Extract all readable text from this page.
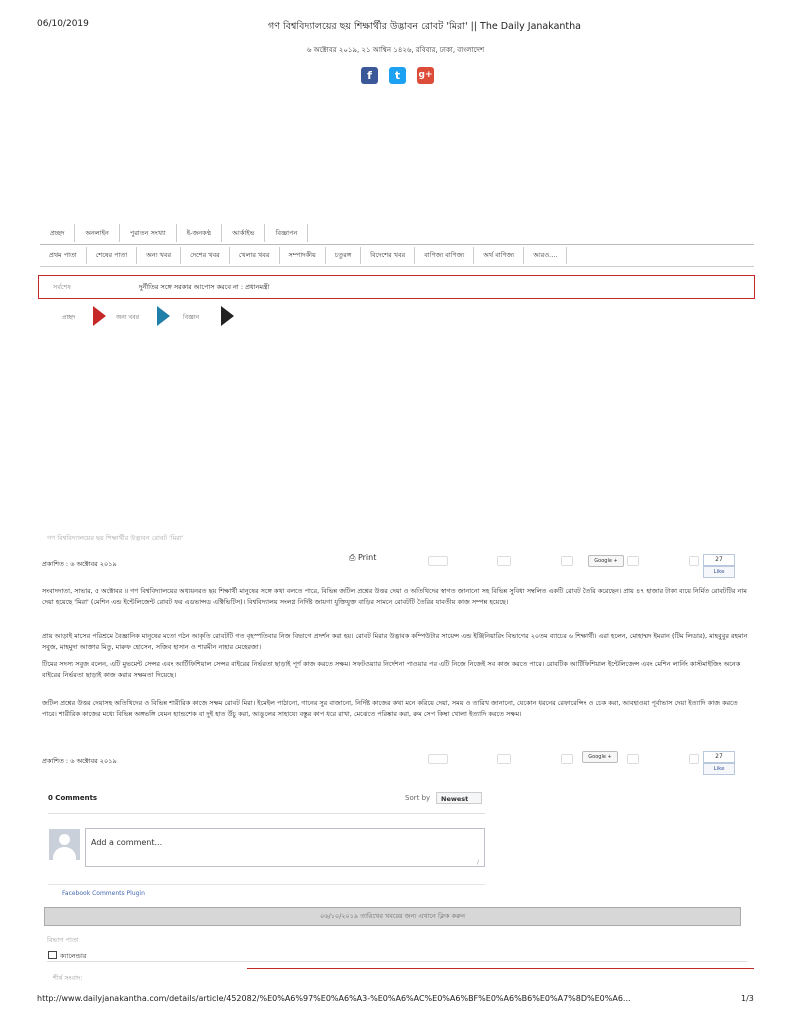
06/10/2019	গণ বিশ্ববিদ্যালয়ের ছয় শিক্ষার্থীর উদ্ভাবন রোবট 'মিরা' || The Daily Janakantha
৬ অক্টোবর ২০১৯, ২১ আশ্বিন ১৪২৬, রবিবার, ঢাকা, বাংলাদেশ
f	t	g+
প্রচ্ছদ	অনলাইন	পুরাতন সংখ্যা	ই-জনকণ্ঠ	আর্কাইভ	বিজ্ঞাপন
প্রথম পাতা	শেষের পাতা	অন্য খবর	দেশের খবর	খেলার খবর	সম্পাদকীয়	চতুরঙ্গ	বিদেশের খবর	বাণিজ্য বাণিজ্য	অর্থ বাণিজ্য	আরও....
সর্বশেষ	দুর্নীতির সঙ্গে সরকার আপোস করবে না : প্রধানমন্ত্রী
প্রচ্ছদ	অন্য খবর	বিজ্ঞান
গণ বিশ্ববিদ্যালয়ের ছয় শিক্ষার্থীর উদ্ভাবন রোবট 'মিরা'
প্রকাশিত : ৬ অক্টোবর ২০১৯
⎙ Print	Google +	27
Like
সংবাদদাতা, সাভার, ৫ অক্টোবর ॥ গণ বিশ্ববিদ্যালয়ের অধ্যয়নরত ছয় শিক্ষার্থী মানুষের সঙ্গে কথা বলতে পারে, বিভিন্ন জটিল প্রশ্নের উত্তর দেয়া ও অতিথিদের স্বাগত জানানো সহ বিভিন্ন সুবিধা সম্বলিত একটি রোবট তৈরি করেছেন। প্রায় ৪৭ হাজার টাকা ব্যয়ে নির্মিত রোবটটির নাম দেয়া হয়েছে 'মিরা' (মেশিন এন্ড ইন্টেলিজেন্ট রোবট ফর এডভান্সড এক্টিভিটিস)। বিশ্ববিদ্যালয় সংলগ্ন নির্দিষ্ট জায়গা যুক্তিযুক্ত বাড়ির সামনে রোবটটি তৈরির যাবতীয় কাজ সম্পন্ন হয়েছে।
প্রায় আড়াই মাসের পরিশ্রমে বৈজ্ঞানিক মানুষের মতো গঠন আকৃতি রোবটটি গত বৃহস্পতিবার নিজ বিভাগে প্রদর্শন করা হয়। রোবট মিরার উদ্ভাবক কম্পিউটার সায়েন্স এন্ড ইঞ্জিনিয়ারিং বিভাগের ২০তম ব্যাচের ৬ শিক্ষার্থী। এরা হলেন, মোহাম্মদ ইমরান (টিম লিডার), মাহবুবুর রহমান সবুজ, মাহমুদা আক্তার মিতু, মারুফ হোসেন, সজিব হাসান ও শারমীন নাহার মেহেরজা।
টিমের সদস্য সবুজ বলেন, এটি মুভমেন্ট সেন্সর এবং আর্টিফিশিয়াল সেন্সর বাইরের নির্ভরতা ছাড়াই পূর্ণ কাজ করতে সক্ষম। সফটওয়্যার নির্দেশনা পাওয়ার পর এটি নিজে নিজেই সব কাজ করতে পারে। রোবটিক আর্টিফিশিয়াল ইন্টেলিজেন্স এবং মেশিন লার্নিং কাস্টমাইজিং অনেক বাইরের নির্ভরতা ছাড়াই কাজ করার সক্ষমতা দিয়েছে।
জটিল প্রশ্নের উত্তর দেয়াসহ অতিথিদের ও বিভিন্ন শারীরিক কাজে সক্ষম রোবট মিরা। ইমেইল পাঠানো, গানের সুর বাজানো, নির্দিষ্ট কাজের কথা মনে করিয়ে দেয়া, সময় ও তারিখ জানানো, যেকোন ধরনের রেফারেন্সিং ও চেক করা, আবহাওয়া পূর্বাভাস দেয়া ইত্যাদি কাজ করতে পারে। শারীরিক কাজের মধ্যে বিভিন্ন অঙ্গভঙ্গি যেমন হ্যান্ডশেক বা দুই হাত উঁচু করা, আঙুলের সাহায্যে বস্তুর কাপ ধরে রাখা, মেঝেতে পরিষ্কার করা, রুম সেপ কিম্বা খোলা ইত্যাদি করতে সক্ষম।
প্রকাশিত : ৬ অক্টোবর ২০১৯	Google +	27
Like
0 Comments	Sort by	Newest
Add a comment...
∕
Facebook Comments Plugin
০৬/১০/২০১৯ তারিখের খবরের জন্য এখানে ক্লিক করুন
বিভাগ পাতা
ক্যালেন্ডার
শীর্ষ সংবাদ:
http://www.dailyjanakantha.com/details/article/452082/%E0%A6%97%E0%A6%A3-%E0%A6%AC%E0%A6%BF%E0%A6%B6%E0%A7%8D%E0%A6...	1/3
